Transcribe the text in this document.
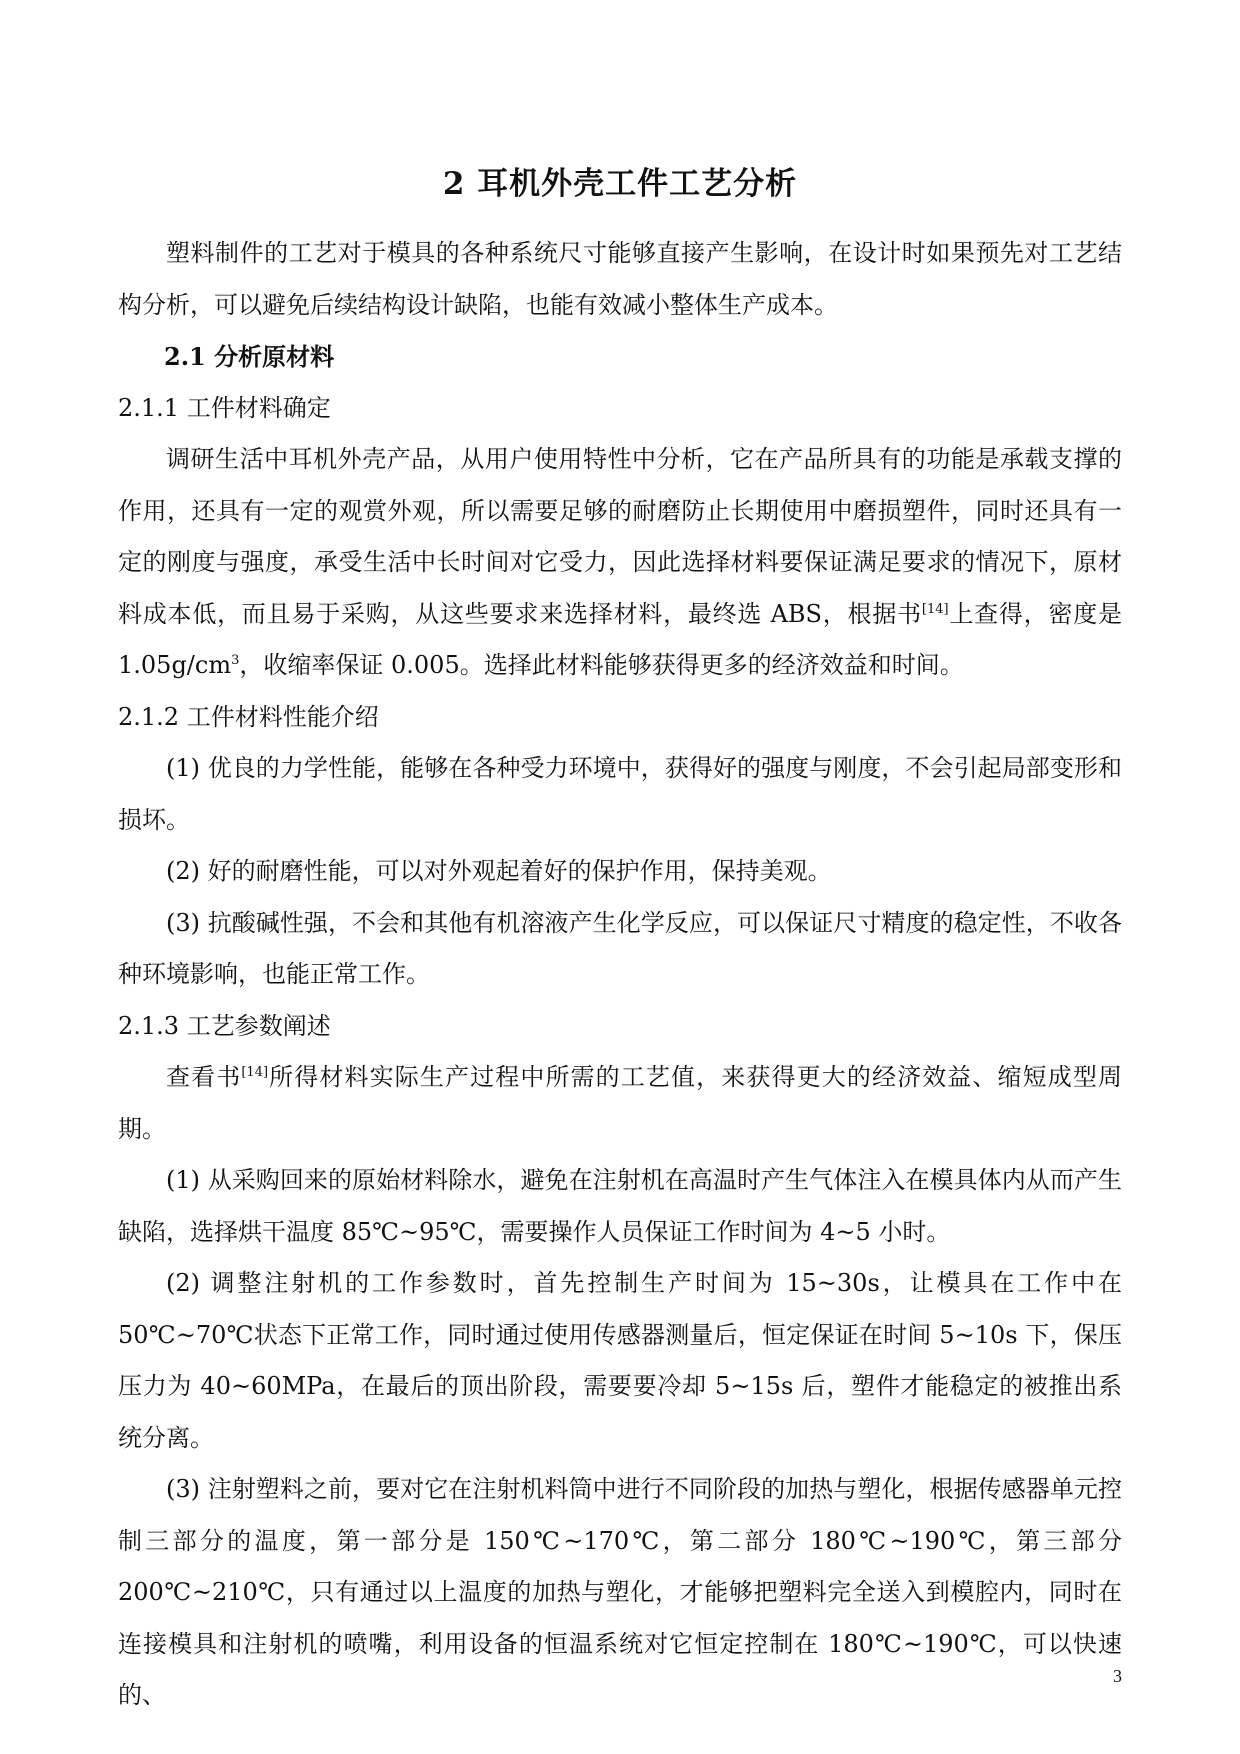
2 耳机外壳工件工艺分析

塑料制件的工艺对于模具的各种系统尺寸能够直接产生影响，在设计时如果预先对工艺结构分析，可以避免后续结构设计缺陷，也能有效减小整体生产成本。

2.1 分析原材料
2.1.1 工件材料确定

调研生活中耳机外壳产品，从用户使用特性中分析，它在产品所具有的功能是承载支撑的作用，还具有一定的观赏外观，所以需要足够的耐磨防止长期使用中磨损塑件，同时还具有一定的刚度与强度，承受生活中长时间对它受力，因此选择材料要保证满足要求的情况下，原材料成本低，而且易于采购，从这些要求来选择材料，最终选 ABS，根据书[14]上查得，密度是 $1.05g/cm^3$，收缩率保证 0.005。选择此材料能够获得更多的经济效益和时间。

2.1.2 工件材料性能介绍

(1) 优良的力学性能，能够在各种受力环境中，获得好的强度与刚度，不会引起局部变形和损坏。

(2) 好的耐磨性能，可以对外观起着好的保护作用，保持美观。

(3) 抗酸碱性强，不会和其他有机溶液产生化学反应，可以保证尺寸精度的稳定性，不收各种环境影响，也能正常工作。

2.1.3 工艺参数阐述

查看书[14]所得材料实际生产过程中所需的工艺值，来获得更大的经济效益、缩短成型周期。

(1) 从采购回来的原始材料除水，避免在注射机在高温时产生气体注入在模具体内从而产生缺陷，选择烘干温度 85℃~95℃，需要操作人员保证工作时间为 4~5 小时。

(2) 调整注射机的工作参数时，首先控制生产时间为 15~30s，让模具在工作中在 50℃~70℃状态下正常工作，同时通过使用传感器测量后，恒定保证在时间 5~10s 下，保压压力为 40~60MPa，在最后的顶出阶段，需要要冷却 5~15s 后，塑件才能稳定的被推出系统分离。

(3) 注射塑料之前，要对它在注射机料筒中进行不同阶段的加热与塑化，根据传感器单元控制三部分的温度，第一部分是 150℃~170℃，第二部分 180℃~190℃，第三部分 200℃~210℃，只有通过以上温度的加热与塑化，才能够把塑料完全送入到模腔内，同时在连接模具和注射机的喷嘴，利用设备的恒温系统对它恒定控制在 180℃~190℃，可以快速的、

3
